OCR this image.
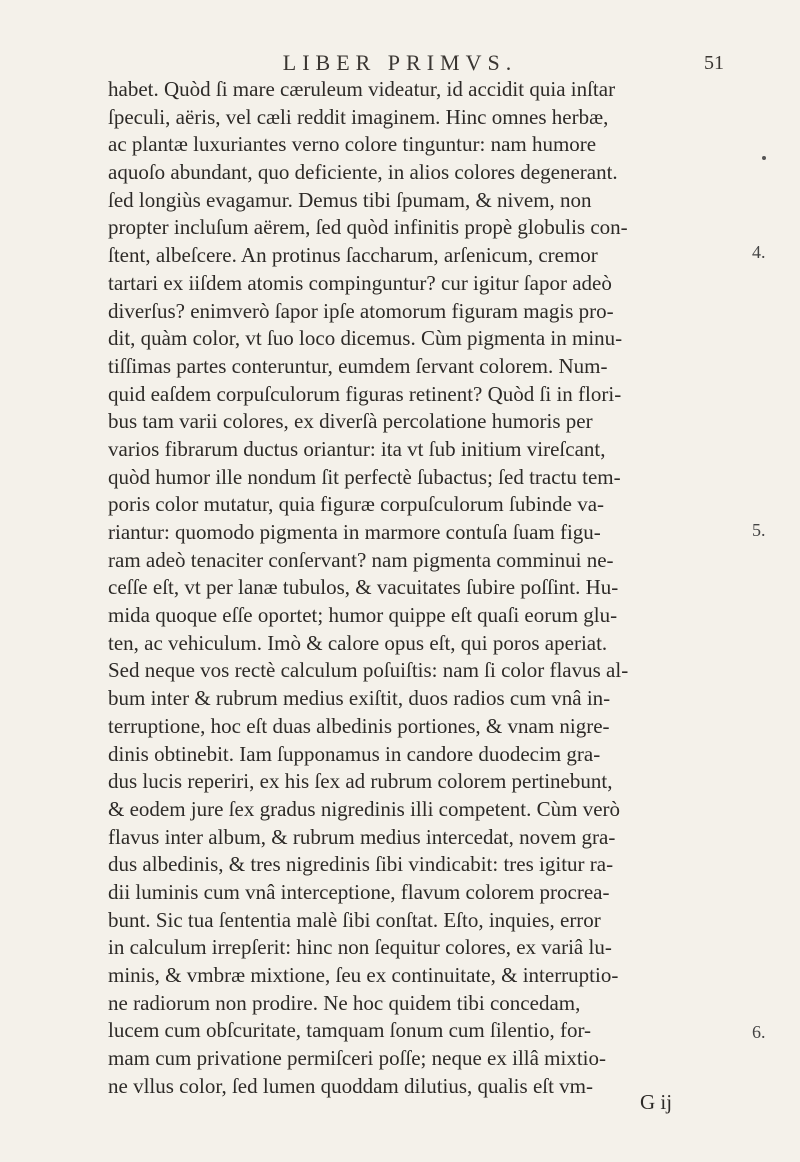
LIBER PRIMVS.	51
habet. Quòd ſi mare cæruleum videatur, id accidit quia inſtar
ſpeculi, aëris, vel cæli reddit imaginem. Hinc omnes herbæ,
ac plantæ luxuriantes verno colore tinguntur: nam humore
aquoſo abundant, quo deficiente, in alios colores degenerant.
ſed longiùs evagamur. Demus tibi ſpumam, & nivem, non
propter incluſum aërem, ſed quòd infinitis propè globulis con-
ſtent, albeſcere. An protinus ſaccharum, arſenicum, cremor
tartari ex iiſdem atomis compinguntur? cur igitur ſapor adeò
diverſus? enimverò ſapor ipſe atomorum figuram magis pro-
dit, quàm color, vt ſuo loco dicemus. Cùm pigmenta in minu-
tiſſimas partes conteruntur, eumdem ſervant colorem. Num-
quid eaſdem corpuſculorum figuras retinent? Quòd ſi in flori-
bus tam varii colores, ex diverſà percolatione humoris per
varios fibrarum ductus oriantur: ita vt ſub initium vireſcant,
quòd humor ille nondum ſit perfectè ſubactus; ſed tractu tem-
poris color mutatur, quia figuræ corpuſculorum ſubinde va-
riantur: quomodo pigmenta in marmore contuſa ſuam figu-
ram adeò tenaciter conſervant? nam pigmenta comminui ne-
ceſſe eſt, vt per lanæ tubulos, & vacuitates ſubire poſſint. Hu-
mida quoque eſſe oportet; humor quippe eſt quaſi eorum glu-
ten, ac vehiculum. Imò & calore opus eſt, qui poros aperiat.
Sed neque vos rectè calculum poſuiſtis: nam ſi color flavus al-
bum inter & rubrum medius exiſtit, duos radios cum vnâ in-
terruptione, hoc eſt duas albedinis portiones, & vnam nigre-
dinis obtinebit. Iam ſupponamus in candore duodecim gra-
dus lucis reperiri, ex his ſex ad rubrum colorem pertinebunt,
& eodem jure ſex gradus nigredinis illi competent. Cùm verò
flavus inter album, & rubrum medius intercedat, novem gra-
dus albedinis, & tres nigredinis ſibi vindicabit: tres igitur ra-
dii luminis cum vnâ interceptione, flavum colorem procrea-
bunt. Sic tua ſententia malè ſibi conſtat. Eſto, inquies, error
in calculum irrepſerit: hinc non ſequitur colores, ex variâ lu-
minis, & vmbræ mixtione, ſeu ex continuitate, & interruptio-
ne radiorum non prodire. Ne hoc quidem tibi concedam,
lucem cum obſcuritate, tamquam ſonum cum ſilentio, for-
mam cum privatione permiſceri poſſe; neque ex illâ mixtio-
ne vllus color, ſed lumen quoddam dilutius, qualis eſt vm-
4.
5.
6.
G ij
